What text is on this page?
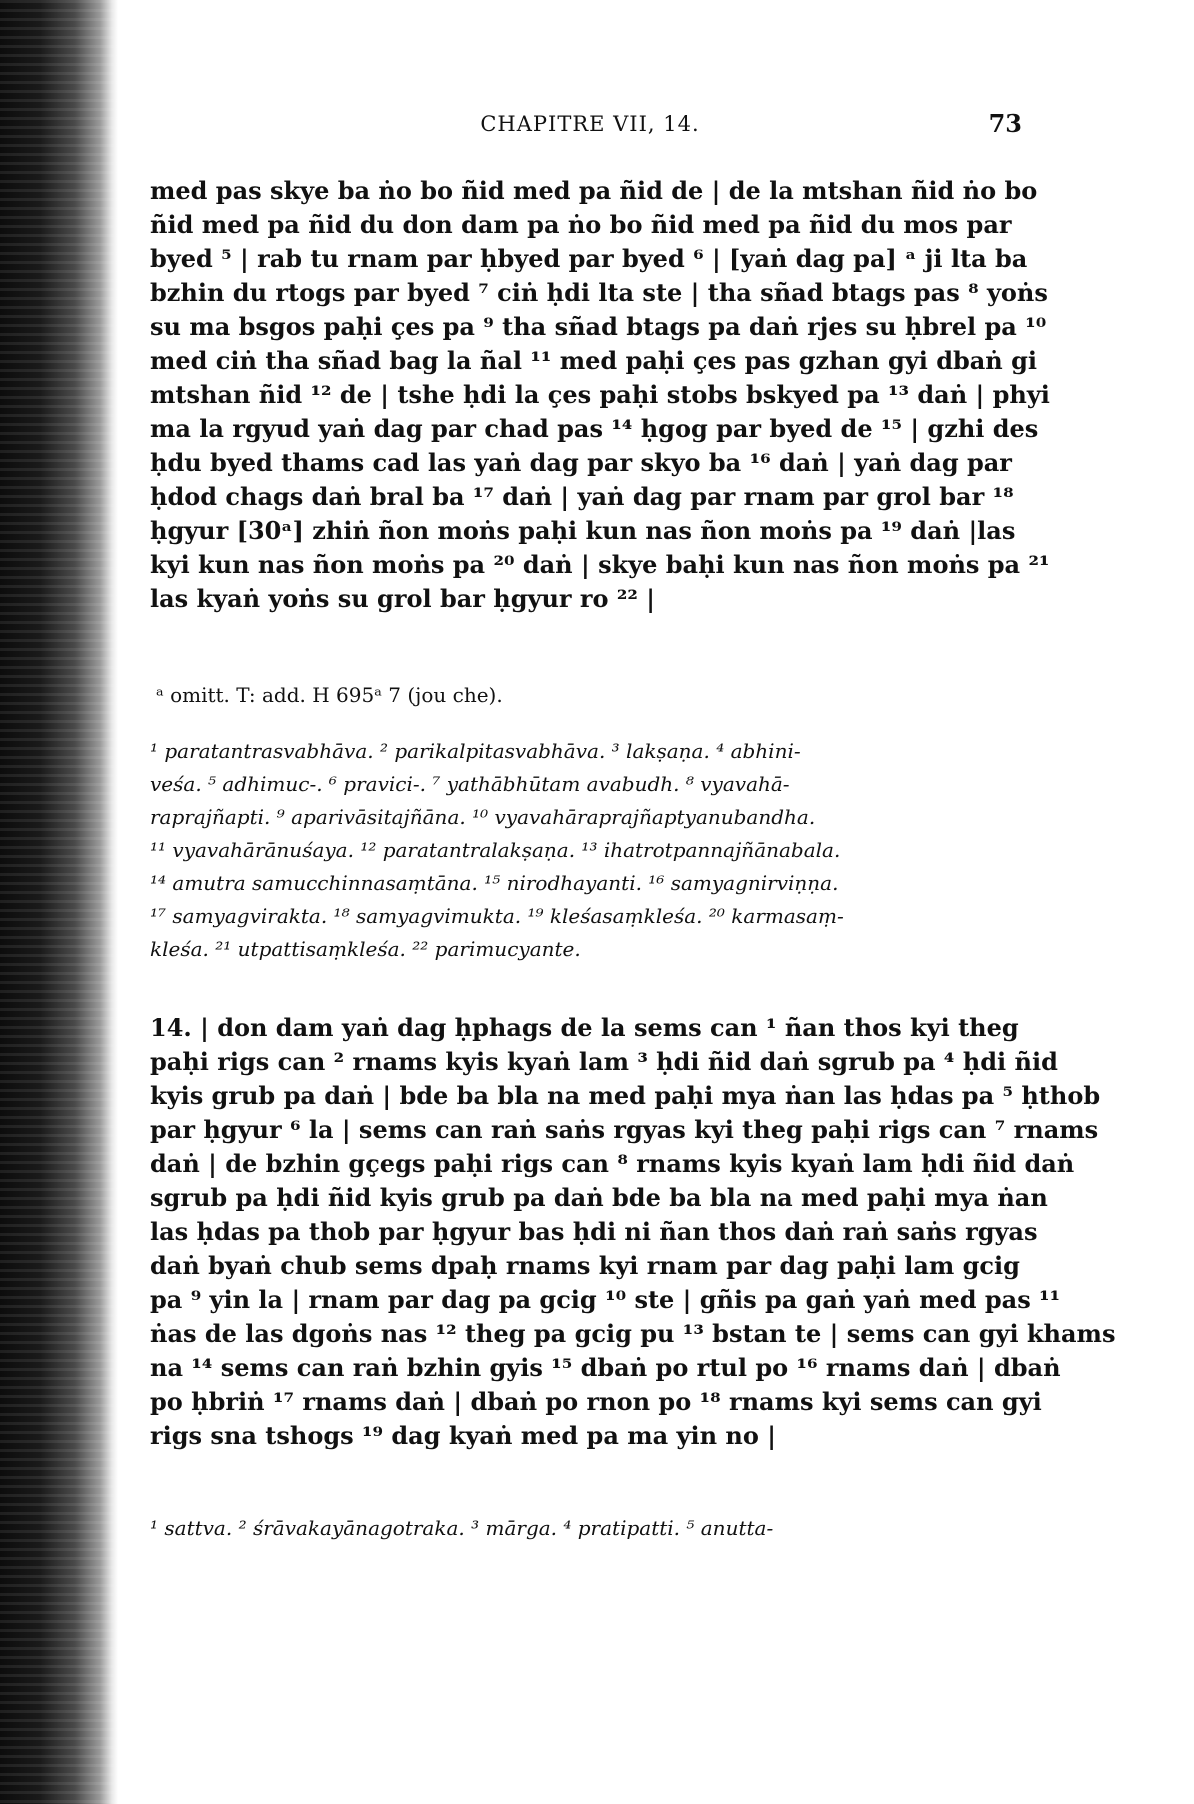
CHAPITRE VII, 14.	73
med pas skye ba ṅo bo ñid med pa ñid de | de la mtshan ñid ṅo bo
ñid med pa ñid du don dam pa ṅo bo ñid med pa ñid du mos par
byed ⁵ | rab tu rnam par ḥbyed par byed ⁶ | [yaṅ dag pa] ᵃ ji lta ba
bzhin du rtogs par byed ⁷ ciṅ ḥdi lta ste | tha sñad btags pas ⁸ yoṅs
su ma bsgos paḥi çes pa ⁹ tha sñad btags pa daṅ rjes su ḥbrel pa ¹⁰
med ciṅ tha sñad bag la ñal ¹¹ med paḥi çes pas gzhan gyi dbaṅ gi
mtshan ñid ¹² de | tshe ḥdi la çes paḥi stobs bskyed pa ¹³ daṅ | phyi
ma la rgyud yaṅ dag par chad pas ¹⁴ ḥgog par byed de ¹⁵ | gzhi des
ḥdu byed thams cad las yaṅ dag par skyo ba ¹⁶ daṅ | yaṅ dag par
ḥdod chags daṅ bral ba ¹⁷ daṅ | yaṅ dag par rnam par grol bar ¹⁸
ḥgyur [30ᵃ] zhiṅ ñon moṅs paḥi kun nas ñon moṅs pa ¹⁹ daṅ |las
kyi kun nas ñon moṅs pa ²⁰ daṅ | skye baḥi kun nas ñon moṅs pa ²¹
las kyaṅ yoṅs su grol bar ḥgyur ro ²² |

ᵃ omitt. T: add. H 695ᵃ 7 (jou che).

¹ paratantrasvabhāva. ² parikalpitasvabhāva. ³ lakṣaṇa. ⁴ abhini-
veśa. ⁵ adhimuc-. ⁶ pravici-. ⁷ yathābhūtam avabudh. ⁸ vyavahā-
raprajñapti. ⁹ aparivāsitajñāna. ¹⁰ vyavahāraprajñaptyanubandha.
¹¹ vyavahārānuśaya. ¹² paratantralakṣaṇa. ¹³ ihatrotpannajñānabala.
¹⁴ amutra samucchinnasaṃtāna. ¹⁵ nirodhayanti. ¹⁶ samyagnirviṇṇa.
¹⁷ samyagvirakta. ¹⁸ samyagvimukta. ¹⁹ kleśasaṃkleśa. ²⁰ karmasaṃ-
kleśa. ²¹ utpattisaṃkleśa. ²² parimucyante.
14. | don dam yaṅ dag ḥphags de la sems can ¹ ñan thos kyi theg
paḥi rigs can ² rnams kyis kyaṅ lam ³ ḥdi ñid daṅ sgrub pa ⁴ ḥdi ñid
kyis grub pa daṅ | bde ba bla na med paḥi mya ṅan las ḥdas pa ⁵ ḥthob
par ḥgyur ⁶ la | sems can raṅ saṅs rgyas kyi theg paḥi rigs can ⁷ rnams
daṅ | de bzhin gçegs paḥi rigs can ⁸ rnams kyis kyaṅ lam ḥdi ñid daṅ
sgrub pa ḥdi ñid kyis grub pa daṅ bde ba bla na med paḥi mya ṅan
las ḥdas pa thob par ḥgyur bas ḥdi ni ñan thos daṅ raṅ saṅs rgyas
daṅ byaṅ chub sems dpaḥ rnams kyi rnam par dag paḥi lam gcig
pa ⁹ yin la | rnam par dag pa gcig ¹⁰ ste | gñis pa gaṅ yaṅ med pas ¹¹
ṅas de las dgoṅs nas ¹² theg pa gcig pu ¹³ bstan te | sems can gyi khams
na ¹⁴ sems can raṅ bzhin gyis ¹⁵ dbaṅ po rtul po ¹⁶ rnams daṅ | dbaṅ
po ḥbriṅ ¹⁷ rnams daṅ | dbaṅ po rnon po ¹⁸ rnams kyi sems can gyi
rigs sna tshogs ¹⁹ dag kyaṅ med pa ma yin no |
¹ sattva. ² śrāvakayānagotraka. ³ mārga. ⁴ pratipatti. ⁵ anutta-
